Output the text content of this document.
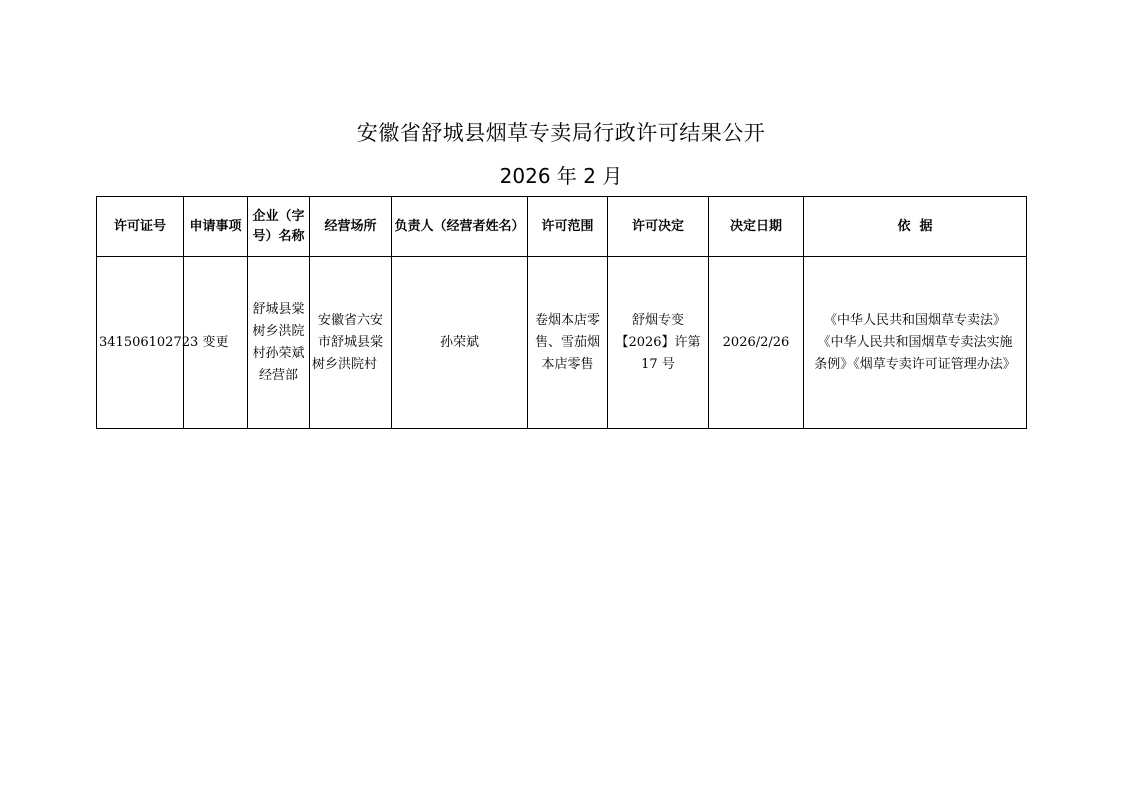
安徽省舒城县烟草专卖局行政许可结果公开
2026 年 2 月
许可证号	申请事项	企业（字号）名称	经营场所	负责人（经营者姓名）	许可范围	许可决定	决定日期	依  据
341506102723	变更	舒城县棠树乡洪院村孙荣斌经营部	安徽省六安市舒城县棠树乡洪院村	孙荣斌	卷烟本店零售、雪茄烟本店零售	舒烟专变【2026】许第 17 号	2026/2/26	《中华人民共和国烟草专卖法》
《中华人民共和国烟草专卖法实施
条例》《烟草专卖许可证管理办法》
